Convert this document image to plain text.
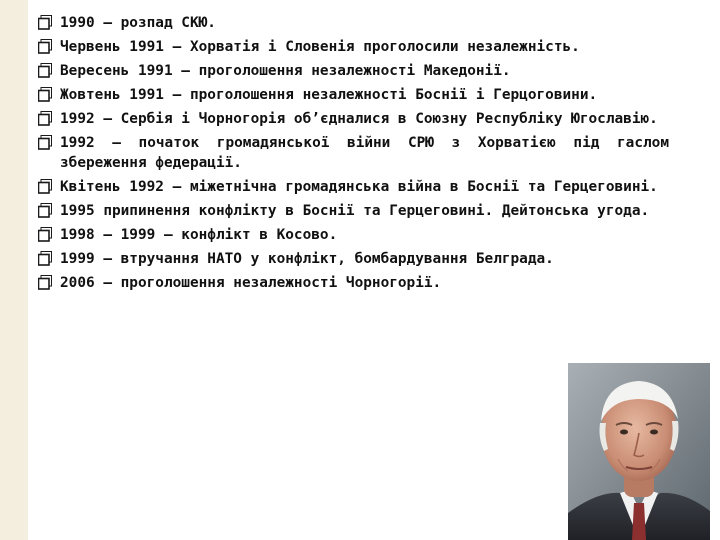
1990 – розпад СКЮ.
Червень 1991 – Хорватія і Словенія проголосили незалежність.
Вересень 1991 – проголошення незалежності Македонії.
Жовтень 1991 – проголошення незалежності Боснії і Герцоговини.
1992 – Сербія і Чорногорія об’єдналися в Союзну Республіку Югославію.
1992 – початок громадянської війни СРЮ з Хорватією під гаслом збереження федерації.
Квітень 1992 – міжетнічна громадянська війна в Боснії та Герцеговині.
1995 припинення конфлікту в Боснії та Герцеговині. Дейтонська угода.
1998 – 1999 – конфлікт в Косово.
1999 – втручання НАТО у конфлікт, бомбардування Белграда.
2006 – проголошення незалежності Чорногорії.
